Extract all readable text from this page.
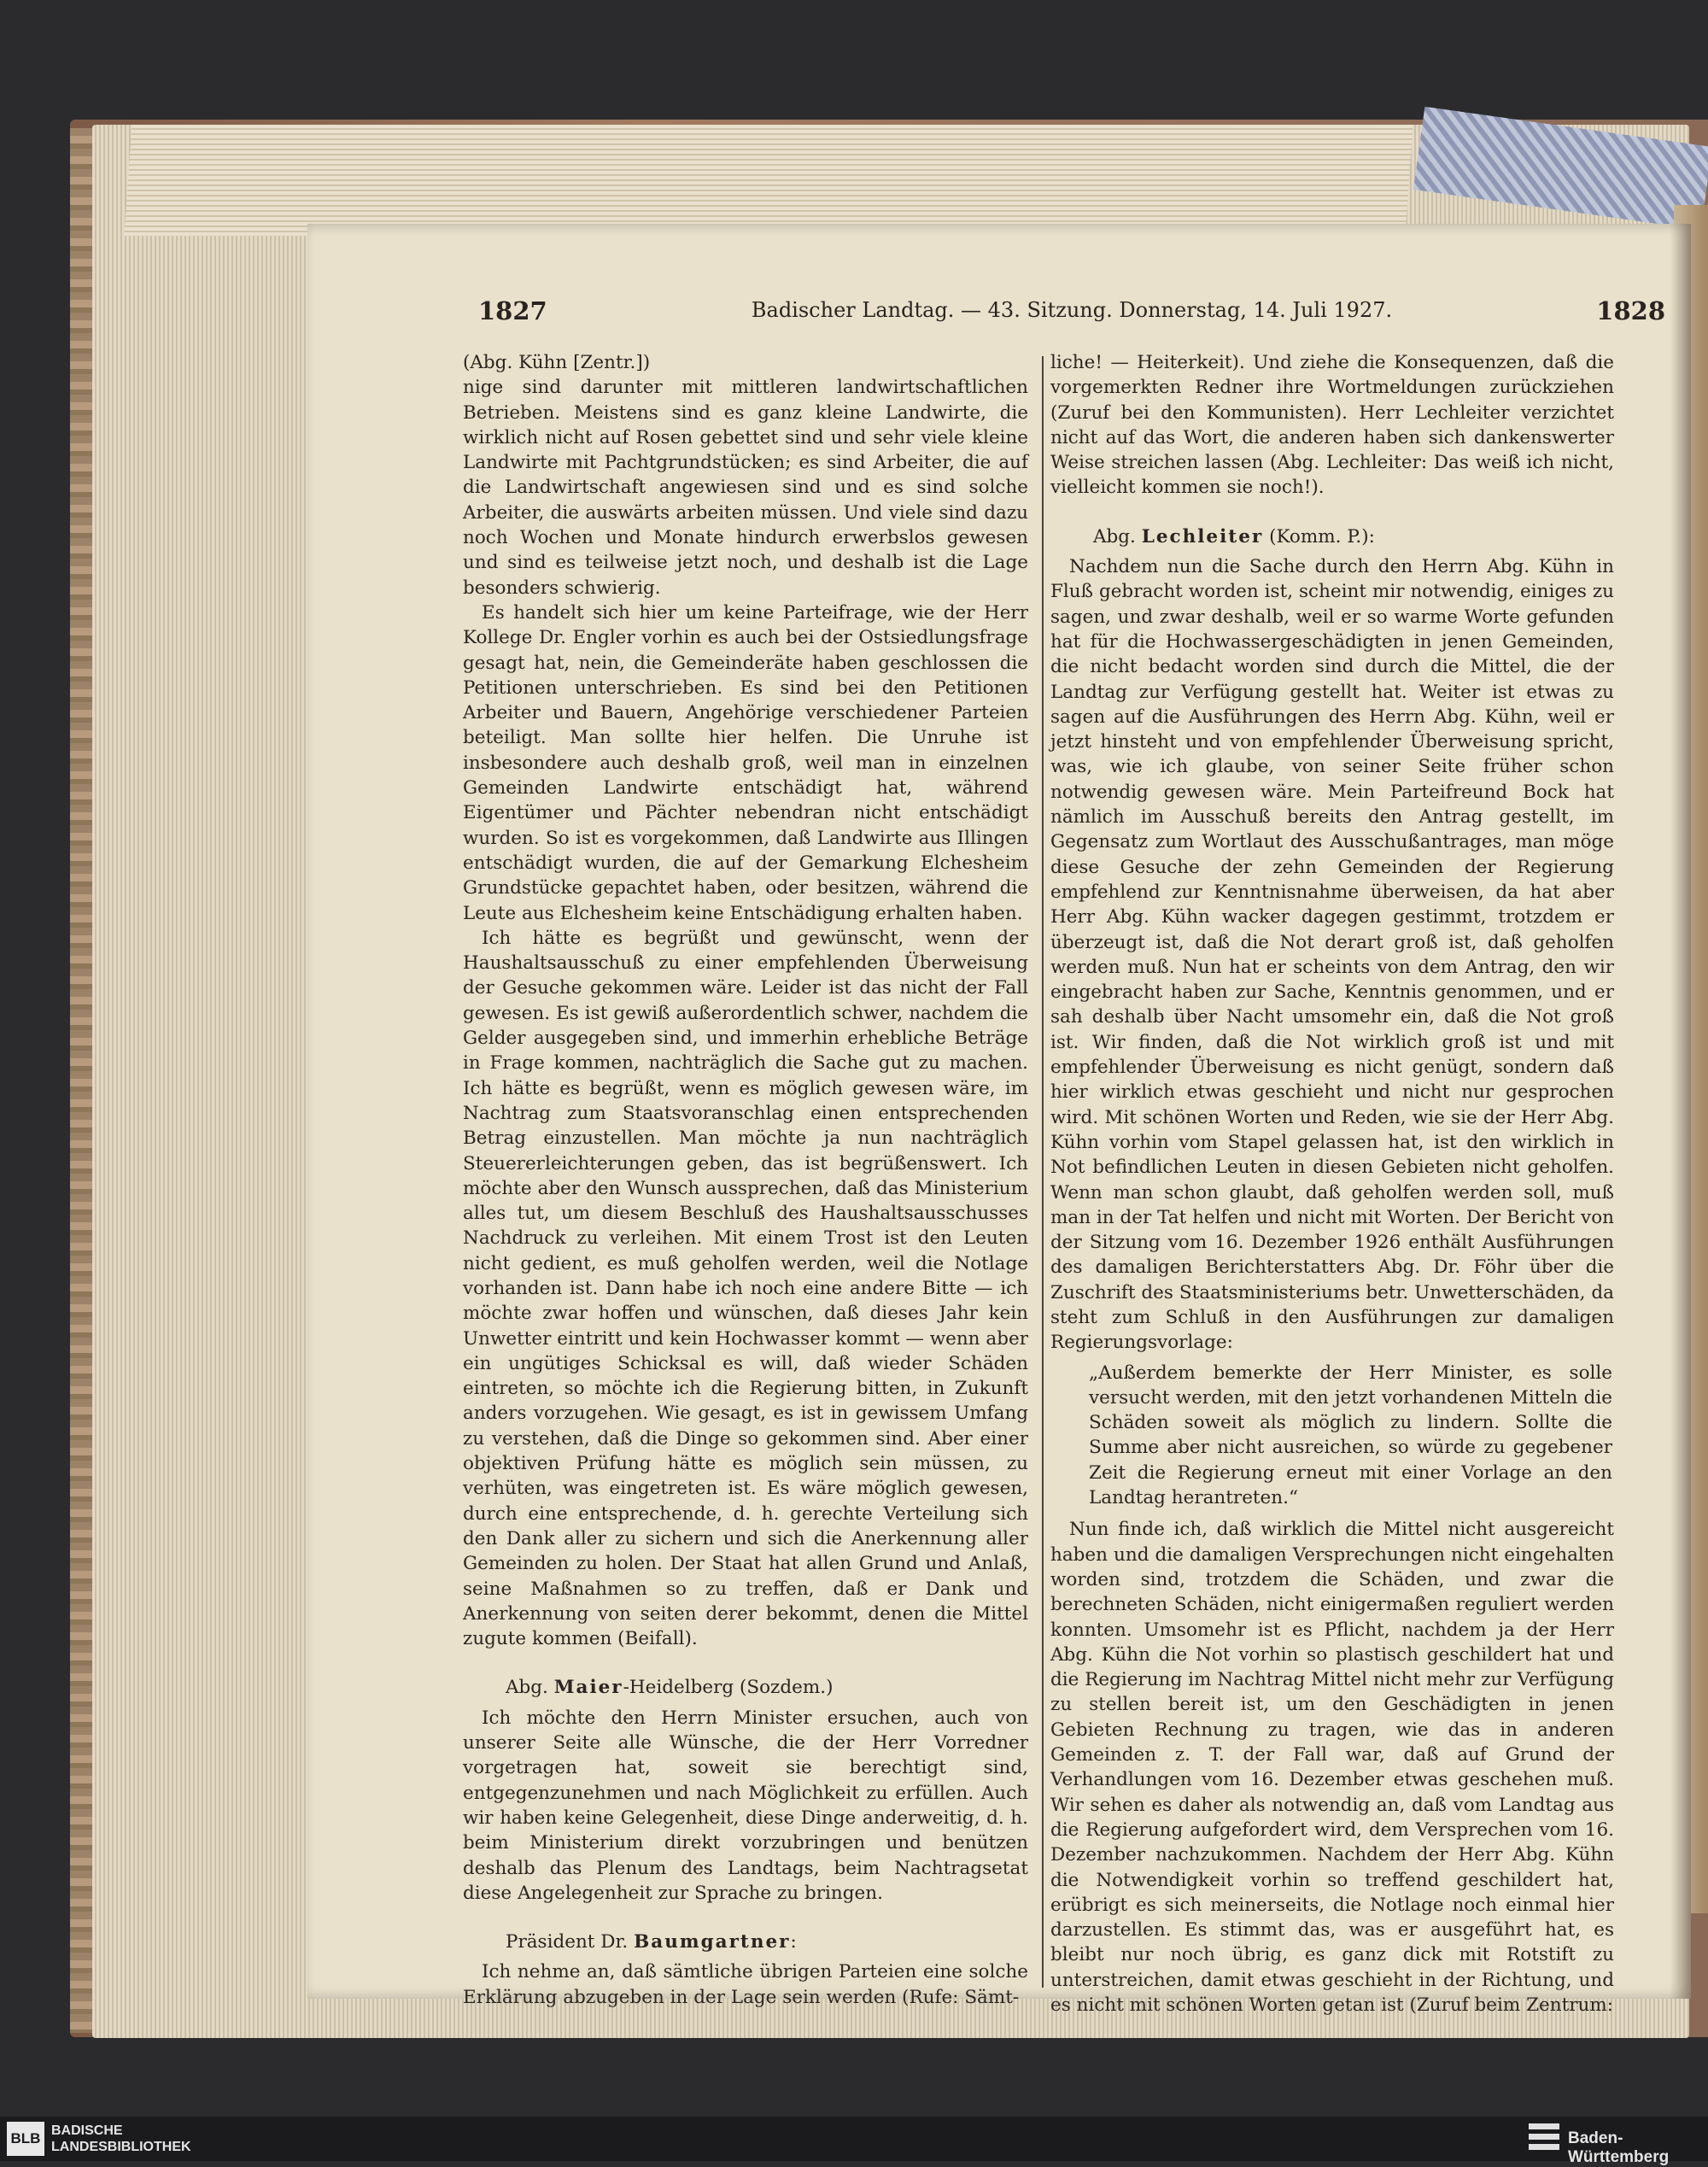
1827	Badischer Landtag. — 43. Sitzung. Donnerstag, 14. Juli 1927.	1828

(Abg. Kühn [Zentr.])

nige sind darunter mit mittleren landwirtschaftlichen Betrieben. Meistens sind es ganz kleine Landwirte, die wirklich nicht auf Rosen gebettet sind und sehr viele kleine Landwirte mit Pachtgrundstücken; es sind Arbeiter, die auf die Landwirtschaft angewiesen sind und es sind solche Arbeiter, die auswärts arbeiten müssen. Und viele sind dazu noch Wochen und Monate hindurch erwerbslos gewesen und sind es teilweise jetzt noch, und deshalb ist die Lage besonders schwierig.

Es handelt sich hier um keine Parteifrage, wie der Herr Kollege Dr. Engler vorhin es auch bei der Ostsiedlungsfrage gesagt hat, nein, die Gemeinderäte haben geschlossen die Petitionen unterschrieben. Es sind bei den Petitionen Arbeiter und Bauern, Angehörige verschiedener Parteien beteiligt. Man sollte hier helfen. Die Unruhe ist insbesondere auch deshalb groß, weil man in einzelnen Gemeinden Landwirte entschädigt hat, während Eigentümer und Pächter nebendran nicht entschädigt wurden. So ist es vorgekommen, daß Landwirte aus Illingen entschädigt wurden, die auf der Gemarkung Elchesheim Grundstücke gepachtet haben, oder besitzen, während die Leute aus Elchesheim keine Entschädigung erhalten haben.

Ich hätte es begrüßt und gewünscht, wenn der Haushaltsausschuß zu einer empfehlenden Überweisung der Gesuche gekommen wäre. Leider ist das nicht der Fall gewesen. Es ist gewiß außerordentlich schwer, nachdem die Gelder ausgegeben sind, und immerhin erhebliche Beträge in Frage kommen, nachträglich die Sache gut zu machen. Ich hätte es begrüßt, wenn es möglich gewesen wäre, im Nachtrag zum Staatsvoranschlag einen entsprechenden Betrag einzustellen. Man möchte ja nun nachträglich Steuererleichterungen geben, das ist begrüßenswert. Ich möchte aber den Wunsch aussprechen, daß das Ministerium alles tut, um diesem Beschluß des Haushaltsausschusses Nachdruck zu verleihen. Mit einem Trost ist den Leuten nicht gedient, es muß geholfen werden, weil die Notlage vorhanden ist. Dann habe ich noch eine andere Bitte — ich möchte zwar hoffen und wünschen, daß dieses Jahr kein Unwetter eintritt und kein Hochwasser kommt — wenn aber ein ungütiges Schicksal es will, daß wieder Schäden eintreten, so möchte ich die Regierung bitten, in Zukunft anders vorzugehen. Wie gesagt, es ist in gewissem Umfang zu verstehen, daß die Dinge so gekommen sind. Aber einer objektiven Prüfung hätte es möglich sein müssen, zu verhüten, was eingetreten ist. Es wäre möglich gewesen, durch eine entsprechende, d. h. gerechte Verteilung sich den Dank aller zu sichern und sich die Anerkennung aller Gemeinden zu holen. Der Staat hat allen Grund und Anlaß, seine Maßnahmen so zu treffen, daß er Dank und Anerkennung von seiten derer bekommt, denen die Mittel zugute kommen (Beifall).

Abg. Maier-Heidelberg (Sozdem.)

Ich möchte den Herrn Minister ersuchen, auch von unserer Seite alle Wünsche, die der Herr Vorredner vorgetragen hat, soweit sie berechtigt sind, entgegenzunehmen und nach Möglichkeit zu erfüllen. Auch wir haben keine Gelegenheit, diese Dinge anderweitig, d. h. beim Ministerium direkt vorzubringen und benützen deshalb das Plenum des Landtags, beim Nachtragsetat diese Angelegenheit zur Sprache zu bringen.

Präsident Dr. Baumgartner:

Ich nehme an, daß sämtliche übrigen Parteien eine solche Erklärung abzugeben in der Lage sein werden (Rufe: Sämt-

liche! — Heiterkeit). Und ziehe die Konsequenzen, daß die vorgemerkten Redner ihre Wortmeldungen zurückziehen (Zuruf bei den Kommunisten). Herr Lechleiter verzichtet nicht auf das Wort, die anderen haben sich dankenswerter Weise streichen lassen (Abg. Lechleiter: Das weiß ich nicht, vielleicht kommen sie noch!).

Abg. Lechleiter (Komm. P.):

Nachdem nun die Sache durch den Herrn Abg. Kühn in Fluß gebracht worden ist, scheint mir notwendig, einiges zu sagen, und zwar deshalb, weil er so warme Worte gefunden hat für die Hochwassergeschädigten in jenen Gemeinden, die nicht bedacht worden sind durch die Mittel, die der Landtag zur Verfügung gestellt hat. Weiter ist etwas zu sagen auf die Ausführungen des Herrn Abg. Kühn, weil er jetzt hinsteht und von empfehlender Überweisung spricht, was, wie ich glaube, von seiner Seite früher schon notwendig gewesen wäre. Mein Parteifreund Bock hat nämlich im Ausschuß bereits den Antrag gestellt, im Gegensatz zum Wortlaut des Ausschußantrages, man möge diese Gesuche der zehn Gemeinden der Regierung empfehlend zur Kenntnisnahme überweisen, da hat aber Herr Abg. Kühn wacker dagegen gestimmt, trotzdem er überzeugt ist, daß die Not derart groß ist, daß geholfen werden muß. Nun hat er scheints von dem Antrag, den wir eingebracht haben zur Sache, Kenntnis genommen, und er sah deshalb über Nacht umsomehr ein, daß die Not groß ist. Wir finden, daß die Not wirklich groß ist und mit empfehlender Überweisung es nicht genügt, sondern daß hier wirklich etwas geschieht und nicht nur gesprochen wird. Mit schönen Worten und Reden, wie sie der Herr Abg. Kühn vorhin vom Stapel gelassen hat, ist den wirklich in Not befindlichen Leuten in diesen Gebieten nicht geholfen. Wenn man schon glaubt, daß geholfen werden soll, muß man in der Tat helfen und nicht mit Worten. Der Bericht von der Sitzung vom 16. Dezember 1926 enthält Ausführungen des damaligen Berichterstatters Abg. Dr. Föhr über die Zuschrift des Staatsministeriums betr. Unwetterschäden, da steht zum Schluß in den Ausführungen zur damaligen Regierungsvorlage:

„Außerdem bemerkte der Herr Minister, es solle versucht werden, mit den jetzt vorhandenen Mitteln die Schäden soweit als möglich zu lindern. Sollte die Summe aber nicht ausreichen, so würde zu gegebener Zeit die Regierung erneut mit einer Vorlage an den Landtag herantreten.“

Nun finde ich, daß wirklich die Mittel nicht ausgereicht haben und die damaligen Versprechungen nicht eingehalten worden sind, trotzdem die Schäden, und zwar die berechneten Schäden, nicht einigermaßen reguliert werden konnten. Umsomehr ist es Pflicht, nachdem ja der Herr Abg. Kühn die Not vorhin so plastisch geschildert hat und die Regierung im Nachtrag Mittel nicht mehr zur Verfügung zu stellen bereit ist, um den Geschädigten in jenen Gebieten Rechnung zu tragen, wie das in anderen Gemeinden z. T. der Fall war, daß auf Grund der Verhandlungen vom 16. Dezember etwas geschehen muß. Wir sehen es daher als notwendig an, daß vom Landtag aus die Regierung aufgefordert wird, dem Versprechen vom 16. Dezember nachzukommen. Nachdem der Herr Abg. Kühn die Notwendigkeit vorhin so treffend geschildert hat, erübrigt es sich meinerseits, die Notlage noch einmal hier darzustellen. Es stimmt das, was er ausgeführt hat, es bleibt nur noch übrig, es ganz dick mit Rotstift zu unterstreichen, damit etwas geschieht in der Richtung, und es nicht mit schönen Worten getan ist (Zuruf beim Zentrum:

BLB BADISCHE
LANDESBIBLIOTHEK	Baden-Württemberg
